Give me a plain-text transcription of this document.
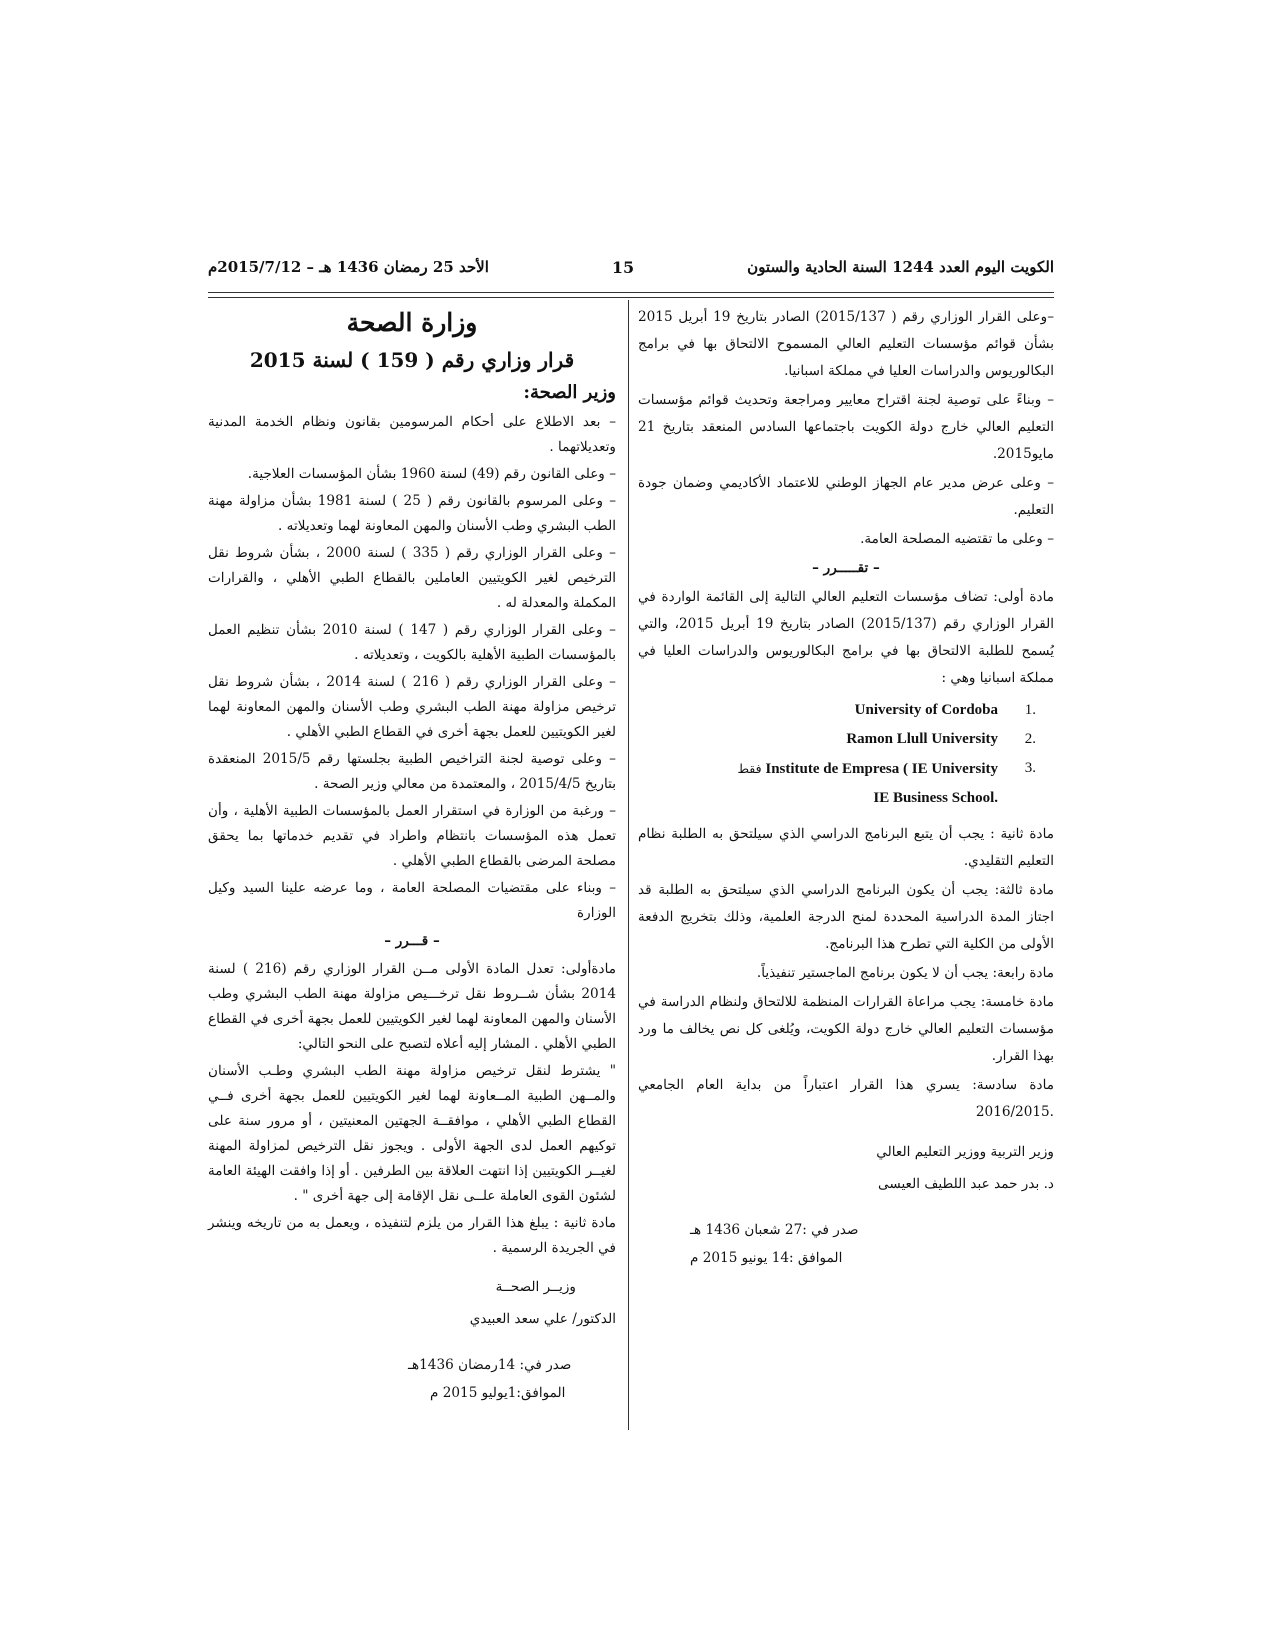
الكويت اليوم العدد 1244 السنة الحادية والستون
15
الأحد 25 رمضان 1436 هـ – 2015/7/12م

–وعلى القرار الوزاري رقم ( 2015/137) الصادر بتاريخ 19 أبريل 2015 بشأن قوائم مؤسسات التعليم العالي المسموح الالتحاق بها في برامج البكالوريوس والدراسات العليا في مملكة اسبانيا.

– وبناءً على توصية لجنة اقتراح معايير ومراجعة وتحديث قوائم مؤسسات التعليم العالي خارج دولة الكويت باجتماعها السادس المنعقد بتاريخ 21 مايو2015.

– وعلى عرض مدير عام الجهاز الوطني للاعتماد الأكاديمي وضمان جودة التعليم.

– وعلى ما تقتضيه المصلحة العامة.

– تقـــــرر –

مادة أولى: تضاف مؤسسات التعليم العالي التالية إلى القائمة الواردة في القرار الوزاري رقم (2015/137) الصادر بتاريخ 19 أبريل 2015، والتي يُسمح للطلبة الالتحاق بها في برامج البكالوريوس والدراسات العليا في مملكة اسبانيا وهي :

1.
University of Cordoba
2.
Ramon Llull University
3.
فقط Institute de Empresa ( IE University
IE Business School.

مادة ثانية : يجب أن يتبع البرنامج الدراسي الذي سيلتحق به الطلبة نظام التعليم التقليدي.

مادة ثالثة: يجب أن يكون البرنامج الدراسي الذي سيلتحق به الطلبة قد اجتاز المدة الدراسية المحددة لمنح الدرجة العلمية، وذلك بتخريج الدفعة الأولى من الكلية التي تطرح هذا البرنامج.

مادة رابعة: يجب أن لا يكون برنامج الماجستير تنفيذياً.

مادة خامسة: يجب مراعاة القرارات المنظمة للالتحاق ولنظام الدراسة في مؤسسات التعليم العالي خارج دولة الكويت، ويُلغى كل نص يخالف ما ورد بهذا القرار.

مادة سادسة: يسري هذا القرار اعتباراً من بداية العام الجامعي .2016/2015

وزير التربية ووزير التعليم العالي

د. بدر حمد عبد اللطيف العيسى

صدر في :27 شعبان 1436 هـ

الموافق :14 يونيو 2015 م

وزارة الصحة

قرار وزاري رقم ( 159 ) لسنة 2015

وزير الصحة:

– بعد الاطلاع على أحكام المرسومين بقانون ونظام الخدمة المدنية وتعديلاتهما .

– وعلى القانون رقم (49) لسنة 1960 بشأن المؤسسات العلاجية.

– وعلى المرسوم بالقانون رقم ( 25 ) لسنة 1981 بشأن مزاولة مهنة الطب البشري وطب الأسنان والمهن المعاونة لهما وتعديلاته .

– وعلى القرار الوزاري رقم ( 335 ) لسنة 2000 ، بشأن شروط نقل الترخيص لغير الكويتيين العاملين بالقطاع الطبي الأهلي ، والقرارات المكملة والمعدلة له .

– وعلى القرار الوزاري رقم ( 147 ) لسنة 2010 بشأن تنظيم العمل بالمؤسسات الطبية الأهلية بالكويت ، وتعديلاته .

– وعلى القرار الوزاري رقم ( 216 ) لسنة 2014 ، بشأن شروط نقل ترخيص مزاولة مهنة الطب البشري وطب الأسنان والمهن المعاونة لهما لغير الكويتيين للعمل بجهة أخرى في القطاع الطبي الأهلي .

– وعلى توصية لجنة التراخيص الطبية بجلستها رقم 2015/5 المنعقدة بتاريخ 2015/4/5 ، والمعتمدة من معالي وزير الصحة .

– ورغبة من الوزارة في استقرار العمل بالمؤسسات الطبية الأهلية ، وأن تعمل هذه المؤسسات بانتظام واطراد في تقديم خدماتها بما يحقق مصلحة المرضى بالقطاع الطبي الأهلي .

– وبناء على مقتضيات المصلحة العامة ، وما عرضه علينا السيد وكيل الوزارة

– قـــرر –

مادةأولى: تعدل المادة الأولى مــن القرار الوزاري رقم (216 ) لسنة 2014 بشأن شــروط نقل ترخـــيص مزاولة مهنة الطب البشري وطب الأسنان والمهن المعاونة لهما لغير الكويتيين للعمل بجهة أخرى في القطاع الطبي الأهلي . المشار إليه أعلاه لتصبح على النحو التالي:

" يشترط لنقل ترخيص مزاولة مهنة الطب البشري وطـب الأسنان والمــهن الطبية المــعاونة لهما لغير الكويتيين للعمل بجهة أخرى فــي القطاع الطبي الأهلي ، موافقــة الجهتين المعنيتين ، أو مرور سنة على توكيهم العمل لدى الجهة الأولى . ويجوز نقل الترخيص لمزاولة المهنة لغيــر الكويتيين إذا انتهت العلاقة بين الطرفين . أو إذا وافقت الهيئة العامة لشئون القوى العاملة علــى نقل الإقامة إلى جهة أخرى " .

مادة ثانية : يبلغ هذا القرار من يلزم لتنفيذه ، ويعمل به من تاريخه وينشر في الجريدة الرسمية .

وزيــر الصحــة

الدكتور/ علي سعد العبيدي

صدر في: 14رمضان 1436هـ

الموافق:1يوليو 2015 م
